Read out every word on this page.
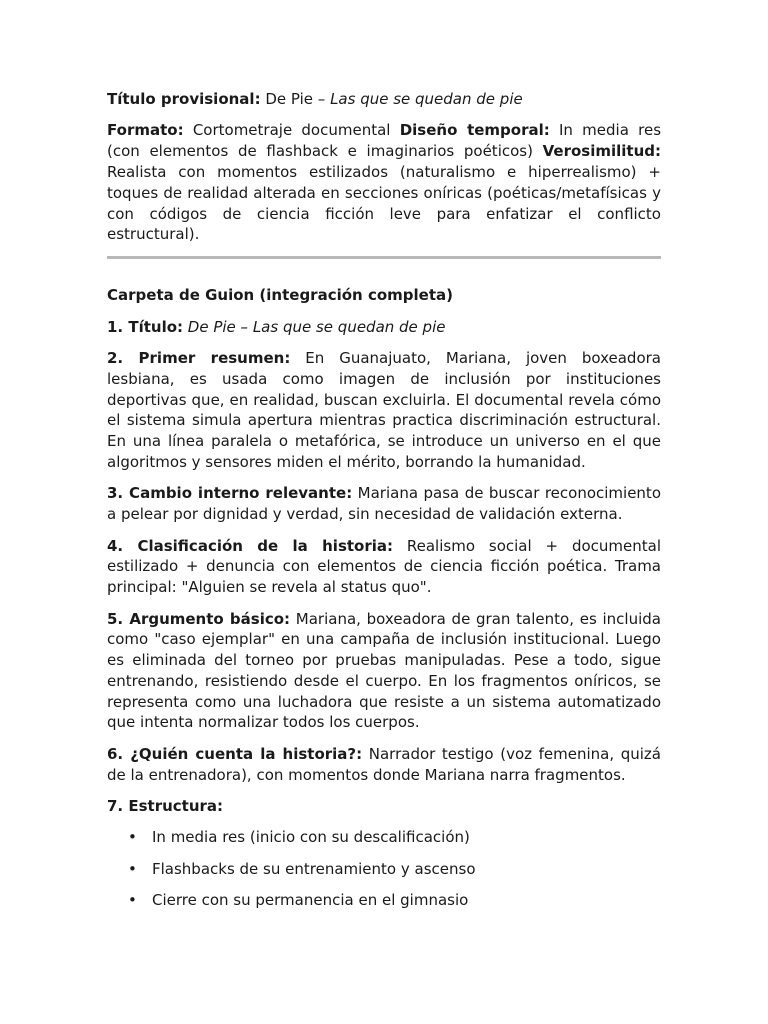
Título provisional: De Pie – Las que se quedan de pie

Formato: Cortometraje documental Diseño temporal: In media res (con elementos de flashback e imaginarios poéticos) Verosimilitud: Realista con momentos estilizados (naturalismo e hiperrealismo) + toques de realidad alterada en secciones oníricas (poéticas/metafísicas y con códigos de ciencia ficción leve para enfatizar el conflicto estructural).

Carpeta de Guion (integración completa)

1. Título: De Pie – Las que se quedan de pie

2. Primer resumen: En Guanajuato, Mariana, joven boxeadora lesbiana, es usada como imagen de inclusión por instituciones deportivas que, en realidad, buscan excluirla. El documental revela cómo el sistema simula apertura mientras practica discriminación estructural. En una línea paralela o metafórica, se introduce un universo en el que algoritmos y sensores miden el mérito, borrando la humanidad.

3. Cambio interno relevante: Mariana pasa de buscar reconocimiento a pelear por dignidad y verdad, sin necesidad de validación externa.

4. Clasificación de la historia: Realismo social + documental estilizado + denuncia con elementos de ciencia ficción poética. Trama principal: "Alguien se revela al status quo".

5. Argumento básico: Mariana, boxeadora de gran talento, es incluida como "caso ejemplar" en una campaña de inclusión institucional. Luego es eliminada del torneo por pruebas manipuladas. Pese a todo, sigue entrenando, resistiendo desde el cuerpo. En los fragmentos oníricos, se representa como una luchadora que resiste a un sistema automatizado que intenta normalizar todos los cuerpos.

6. ¿Quién cuenta la historia?: Narrador testigo (voz femenina, quizá de la entrenadora), con momentos donde Mariana narra fragmentos.

7. Estructura:

• In media res (inicio con su descalificación)
• Flashbacks de su entrenamiento y ascenso
• Cierre con su permanencia en el gimnasio
